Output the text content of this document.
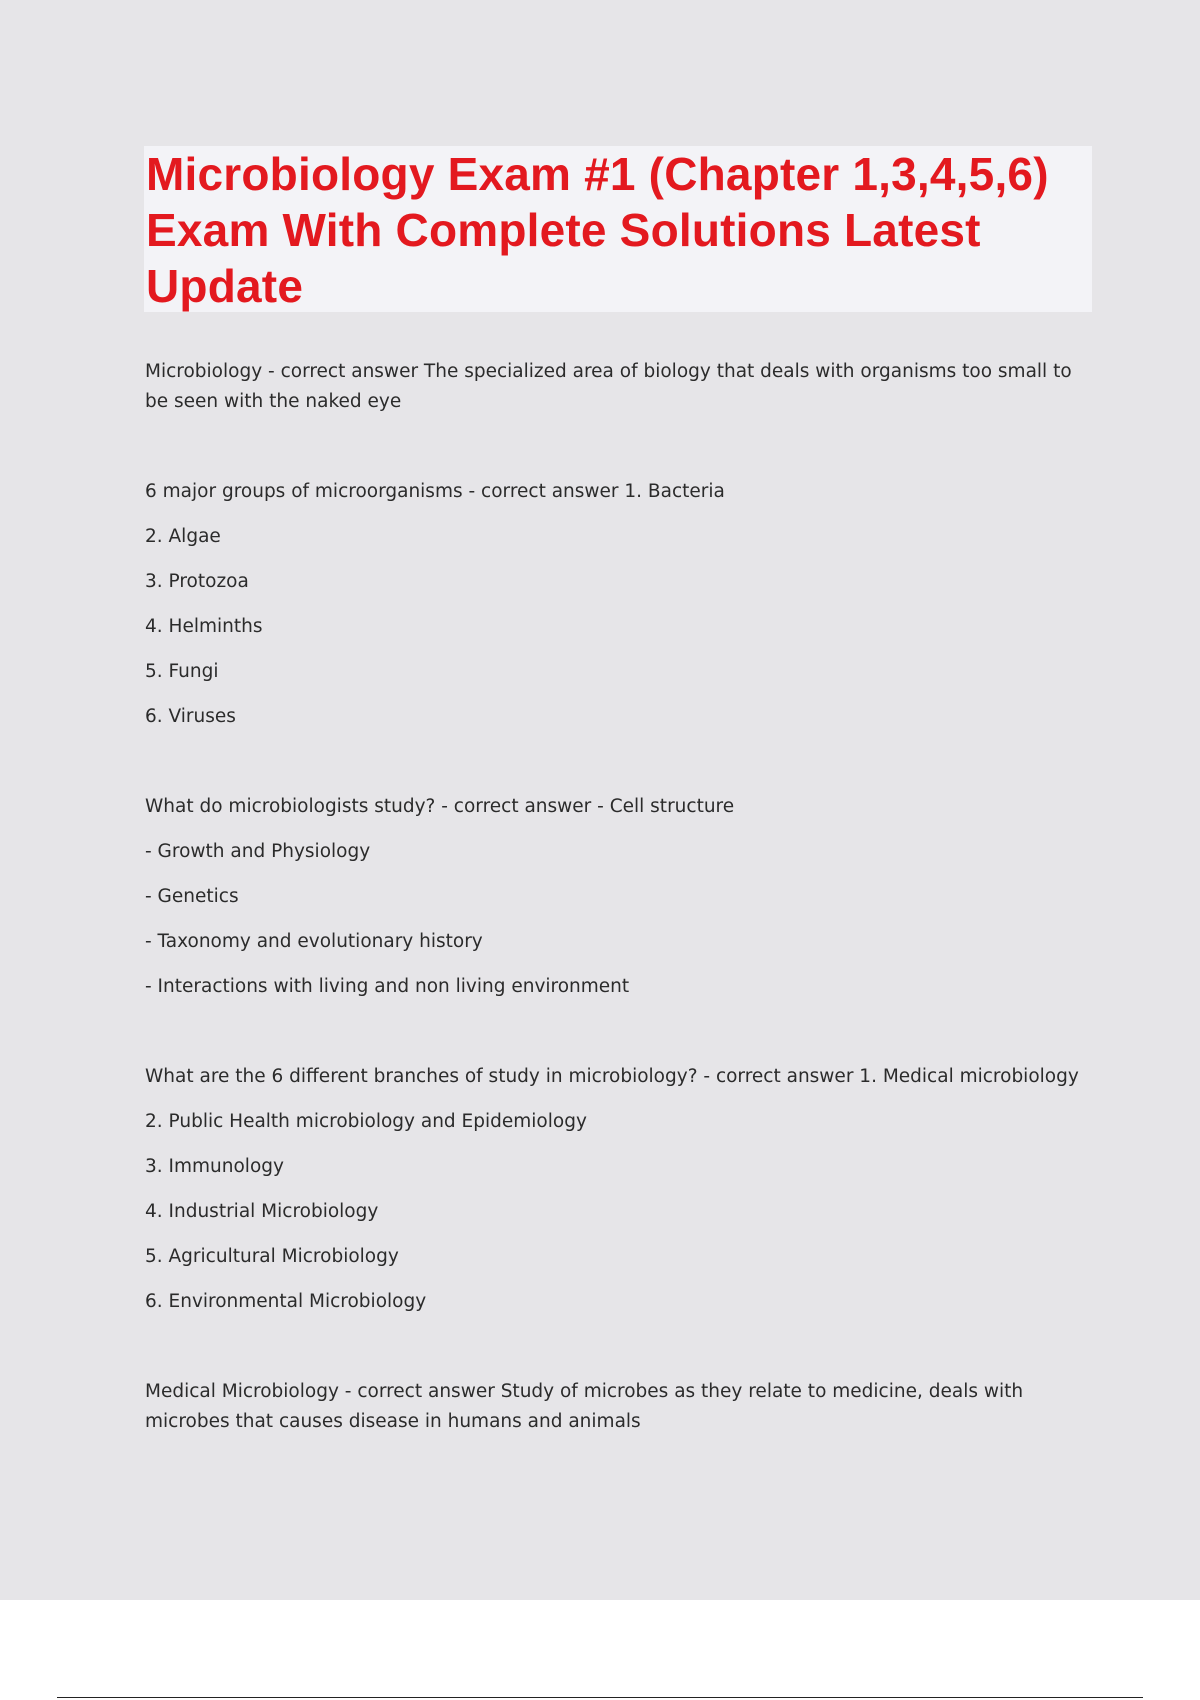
Microbiology Exam #1 (Chapter 1,3,4,5,6) Exam With Complete Solutions Latest Update

Microbiology - correct answer The specialized area of biology that deals with organisms too small to be seen with the naked eye

6 major groups of microorganisms - correct answer 1. Bacteria

2. Algae

3. Protozoa

4. Helminths

5. Fungi

6. Viruses

What do microbiologists study? - correct answer - Cell structure

- Growth and Physiology

- Genetics

- Taxonomy and evolutionary history

- Interactions with living and non living environment

What are the 6 different branches of study in microbiology? - correct answer 1. Medical microbiology

2. Public Health microbiology and Epidemiology

3. Immunology

4. Industrial Microbiology

5. Agricultural Microbiology

6. Environmental Microbiology

Medical Microbiology - correct answer Study of microbes as they relate to medicine, deals with microbes that causes disease in humans and animals
